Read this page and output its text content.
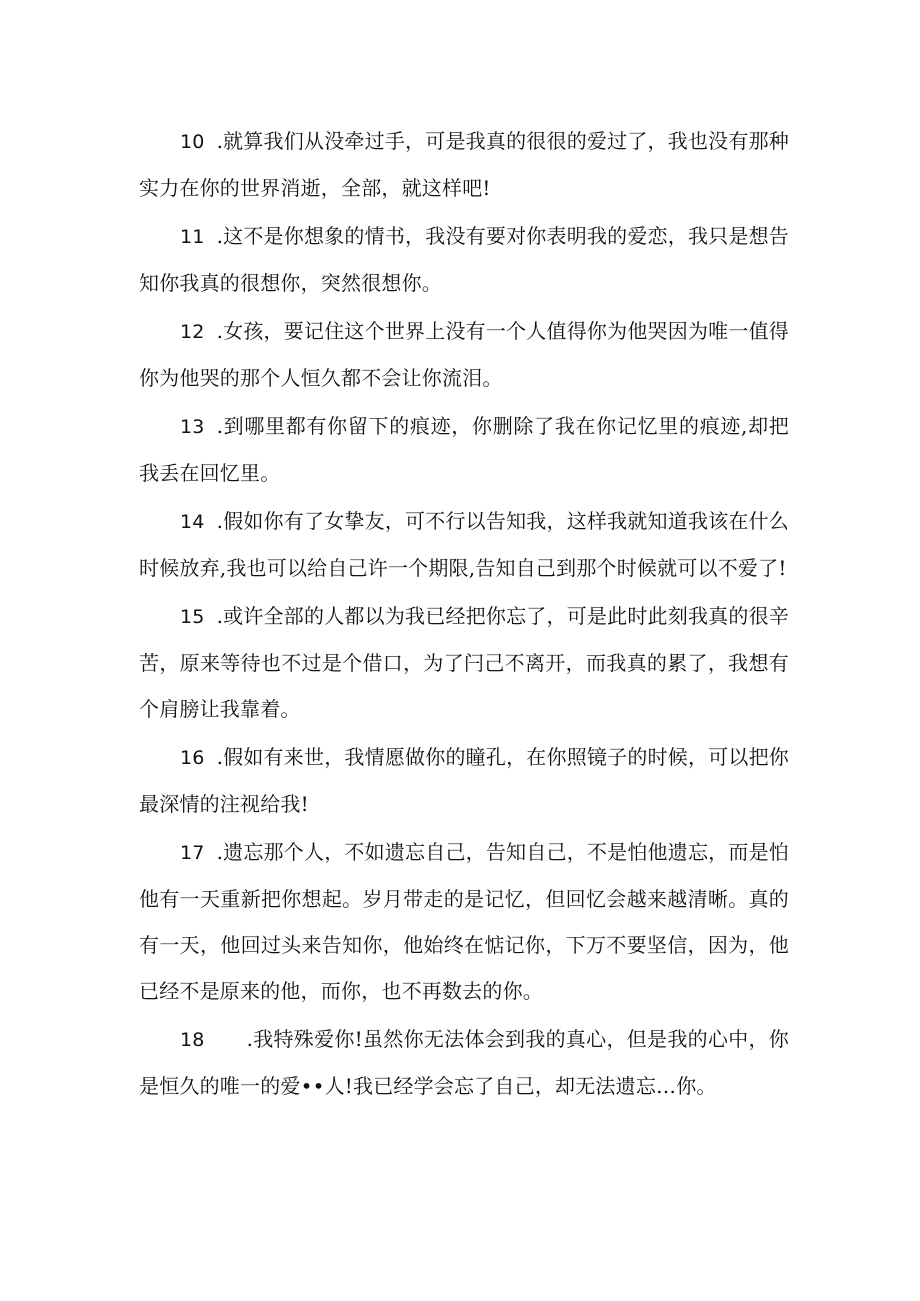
10 .就算我们从没牵过手，可是我真的很很的爱过了，我也没有那种实力在你的世界消逝，全部，就这样吧!

11 .这不是你想象的情书，我没有要对你表明我的爱恋，我只是想告知你我真的很想你，突然很想你。

12 .女孩，要记住这个世界上没有一个人值得你为他哭因为唯一值得你为他哭的那个人恒久都不会让你流泪。

13 .到哪里都有你留下的痕迹，你删除了我在你记忆里的痕迹,却把我丢在回忆里。

14 .假如你有了女挚友，可不行以告知我，这样我就知道我该在什么时候放弃,我也可以给自己许一个期限,告知自己到那个时候就可以不爱了!

15 .或许全部的人都以为我已经把你忘了，可是此时此刻我真的很辛苦，原来等待也不过是个借口，为了闩己不离开，而我真的累了，我想有个肩膀让我靠着。

16 .假如有来世，我情愿做你的瞳孔，在你照镜子的时候，可以把你最深情的注视给我!

17 .遗忘那个人，不如遗忘自己，告知自己，不是怕他遗忘，而是怕他有一天重新把你想起。岁月带走的是记忆，但回忆会越来越清晰。真的有一天，他回过头来告知你，他始终在惦记你，下万不要坚信，因为，他已经不是原来的他，而你，也不再数去的你。

18 .我特殊爱你!虽然你无法体会到我的真心，但是我的心中，你是恒久的唯一的爱••人!我已经学会忘了自己，却无法遗忘…你。
